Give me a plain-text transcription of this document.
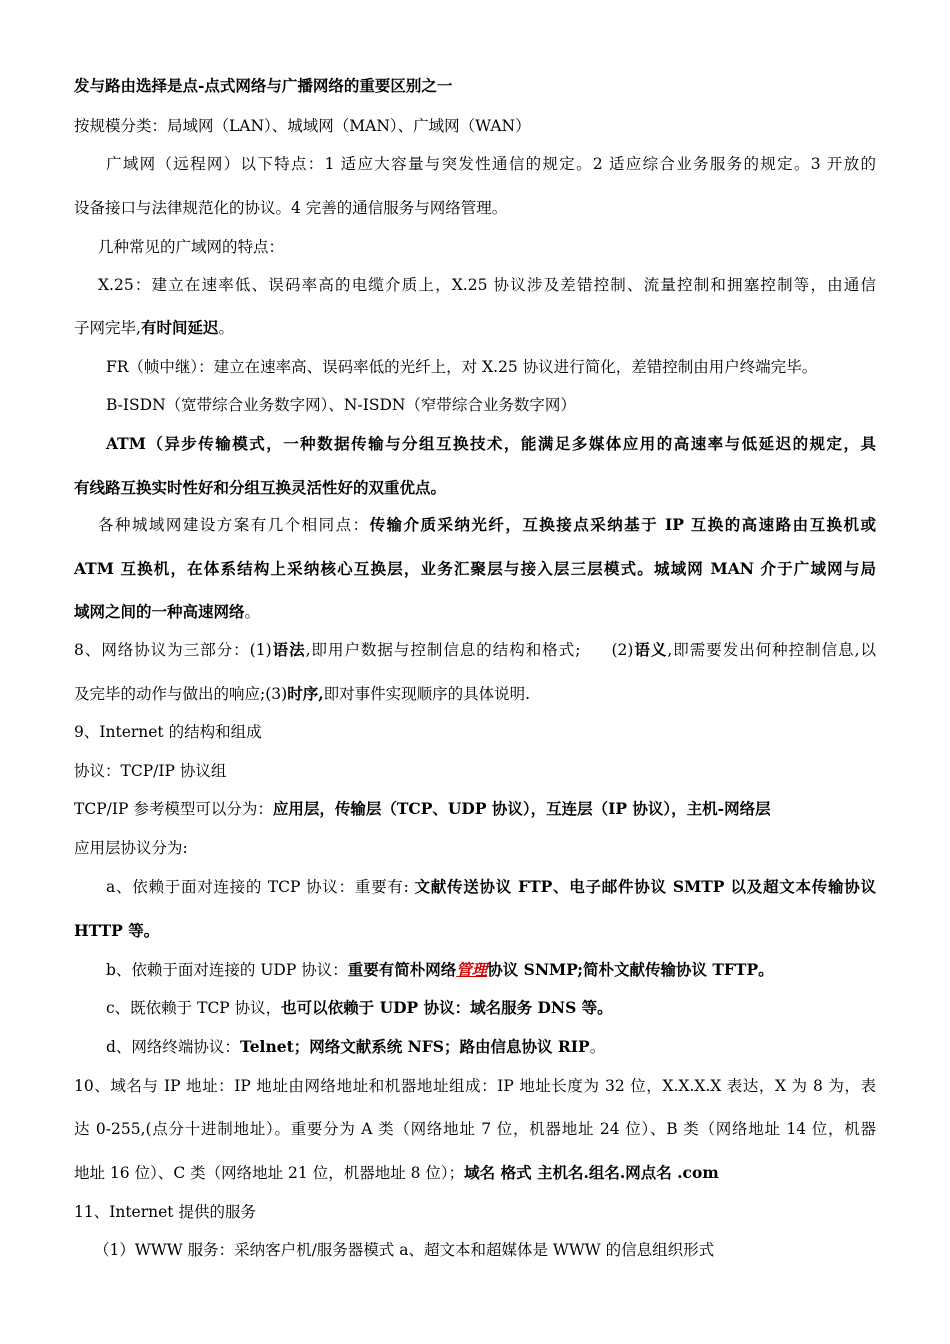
发与路由选择是点-点式网络与广播网络的重要区别之一
按规模分类：局域网（LAN）、城域网（MAN）、广域网（WAN）
广域网（远程网）以下特点：1 适应大容量与突发性通信的规定。2 适应综合业务服务的规定。3 开放的
设备接口与法律规范化的协议。4 完善的通信服务与网络管理。
几种常见的广域网的特点：
X.25：建立在速率低、误码率高的电缆介质上，X.25 协议涉及差错控制、流量控制和拥塞控制等，由通信
子网完毕,有时间延迟。
FR（帧中继）：建立在速率高、误码率低的光纤上，对 X.25 协议进行简化，差错控制由用户终端完毕。
B-ISDN（宽带综合业务数字网）、N-ISDN（窄带综合业务数字网）
ATM（异步传输模式，一种数据传输与分组互换技术，能满足多媒体应用的高速率与低延迟的规定，具
有线路互换实时性好和分组互换灵活性好的双重优点。
各种城域网建设方案有几个相同点：传输介质采纳光纤，互换接点采纳基于 IP 互换的高速路由互换机或
ATM 互换机，在体系结构上采纳核心互换层，业务汇聚层与接入层三层模式。城域网 MAN 介于广域网与局
域网之间的一种高速网络。
8、网络协议为三部分：(1)语法,即用户数据与控制信息的结构和格式;   (2)语义,即需要发出何种控制信息,以
及完毕的动作与做出的响应;(3)时序,即对事件实现顺序的具体说明.
9、Internet 的结构和组成
协议：TCP/IP 协议组
TCP/IP 参考模型可以分为：应用层，传输层（TCP、UDP 协议），互连层（IP 协议），主机-网络层
应用层协议分为:
a、依赖于面对连接的 TCP 协议：重要有: 文献传送协议 FTP、电子邮件协议 SMTP 以及超文本传输协议
HTTP 等。
b、依赖于面对连接的 UDP 协议：重要有简朴网络管理协议 SNMP;简朴文献传输协议 TFTP。
c、既依赖于 TCP 协议，也可以依赖于 UDP 协议：域名服务 DNS 等。
d、网络终端协议：Telnet；网络文献系统 NFS；路由信息协议 RIP。
10、域名与 IP 地址：IP 地址由网络地址和机器地址组成：IP 地址长度为 32 位，X.X.X.X 表达，X 为 8 为，表
达 0-255,(点分十进制地址）。重要分为 A 类（网络地址 7 位，机器地址 24 位）、B 类（网络地址 14 位，机器
地址 16 位）、C 类（网络地址 21 位，机器地址 8 位）；域名 格式 主机名.组名.网点名 .com
11、Internet 提供的服务
（1）WWW 服务：采纳客户机/服务器模式 a、超文本和超媒体是 WWW 的信息组织形式
